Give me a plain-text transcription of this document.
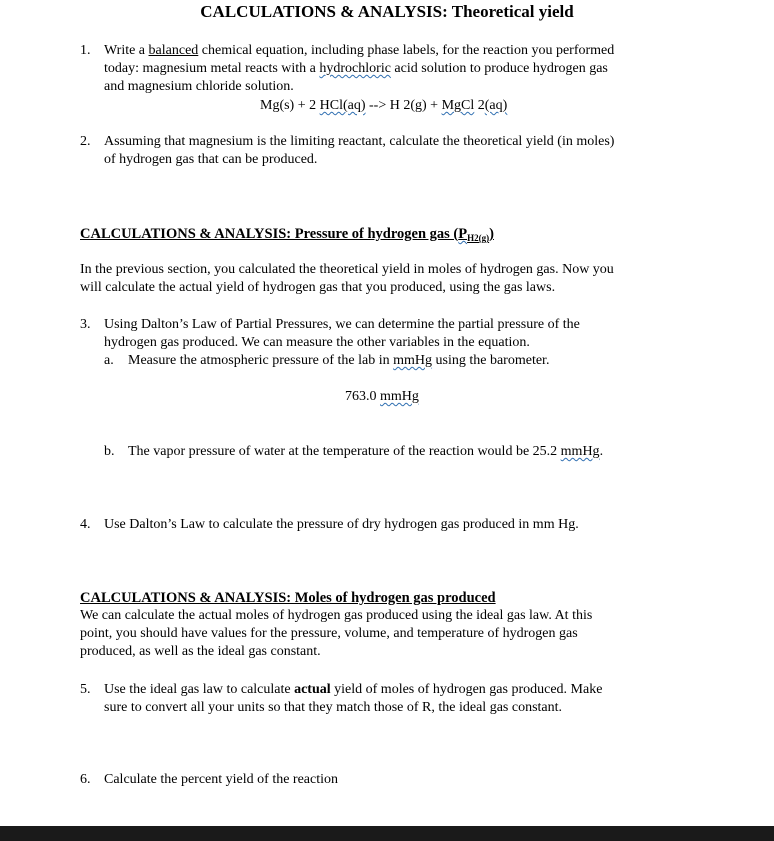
CALCULATIONS & ANALYSIS: Theoretical yield
1. Write a balanced chemical equation, including phase labels, for the reaction you performed
today: magnesium metal reacts with a hydrochloric acid solution to produce hydrogen gas
and magnesium chloride solution.
Mg(s) + 2 HCl(aq) --> H 2(g) + MgCl 2(aq)
2. Assuming that magnesium is the limiting reactant, calculate the theoretical yield (in moles)
of hydrogen gas that can be produced.
CALCULATIONS & ANALYSIS: Pressure of hydrogen gas $(P_{H2(g)})$
In the previous section, you calculated the theoretical yield in moles of hydrogen gas. Now you
will calculate the actual yield of hydrogen gas that you produced, using the gas laws.
3. Using Dalton’s Law of Partial Pressures, we can determine the partial pressure of the
hydrogen gas produced. We can measure the other variables in the equation.
a. Measure the atmospheric pressure of the lab in mmHg using the barometer.
763.0 mmHg
b. The vapor pressure of water at the temperature of the reaction would be 25.2 mmHg.
4. Use Dalton’s Law to calculate the pressure of dry hydrogen gas produced in mm Hg.
CALCULATIONS & ANALYSIS: Moles of hydrogen gas produced
We can calculate the actual moles of hydrogen gas produced using the ideal gas law. At this
point, you should have values for the pressure, volume, and temperature of hydrogen gas
produced, as well as the ideal gas constant.
5. Use the ideal gas law to calculate actual yield of moles of hydrogen gas produced. Make
sure to convert all your units so that they match those of R, the ideal gas constant.
6. Calculate the percent yield of the reaction
